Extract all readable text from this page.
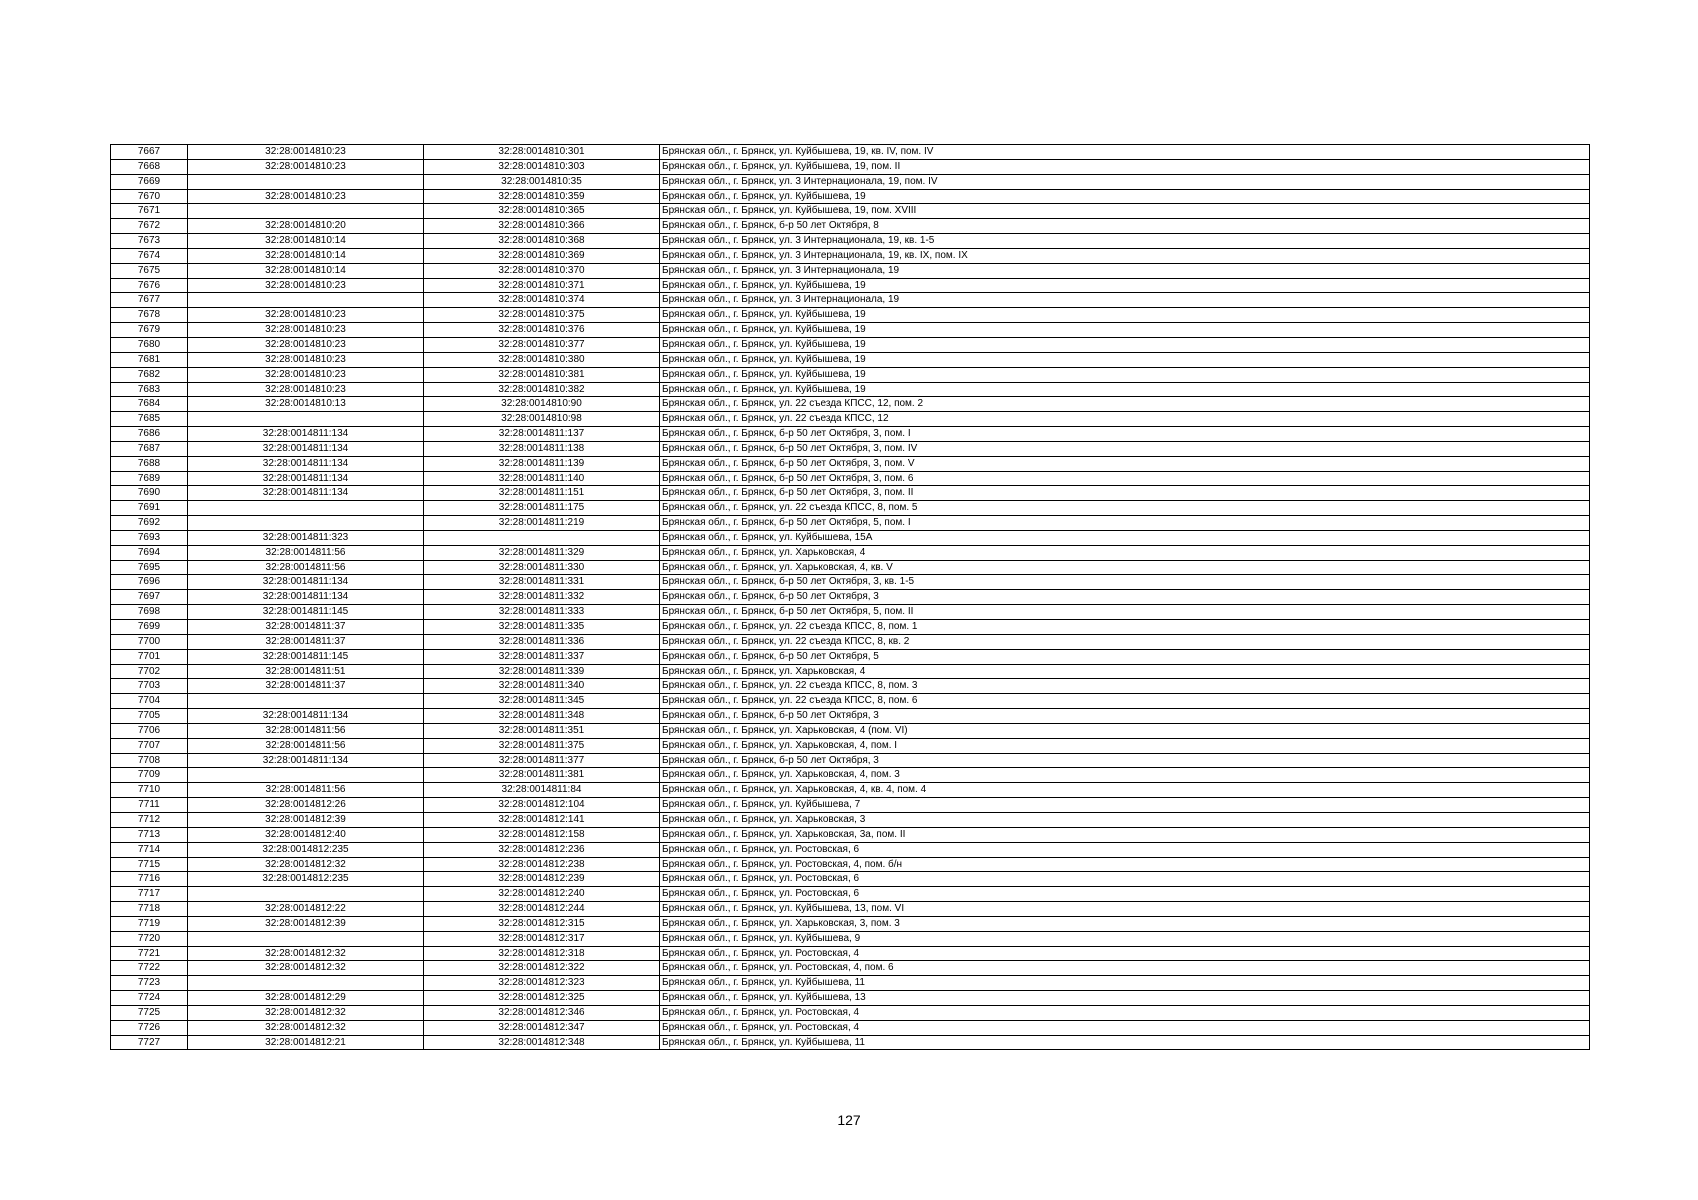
7667	32:28:0014810:23	32:28:0014810:301	Брянская обл., г. Брянск, ул. Куйбышева, 19, кв. IV, пом. IV
7668	32:28:0014810:23	32:28:0014810:303	Брянская обл., г. Брянск, ул. Куйбышева, 19, пом. II
7669		32:28:0014810:35	Брянская обл., г. Брянск, ул. 3 Интернационала, 19, пом. IV
7670	32:28:0014810:23	32:28:0014810:359	Брянская обл., г. Брянск, ул. Куйбышева, 19
7671		32:28:0014810:365	Брянская обл., г. Брянск, ул. Куйбышева, 19, пом. XVIII
7672	32:28:0014810:20	32:28:0014810:366	Брянская обл., г. Брянск, б-р 50 лет Октября, 8
7673	32:28:0014810:14	32:28:0014810:368	Брянская обл., г. Брянск, ул. 3 Интернационала, 19, кв. 1-5
7674	32:28:0014810:14	32:28:0014810:369	Брянская обл., г. Брянск, ул. 3 Интернационала, 19, кв. IX, пом. IX
7675	32:28:0014810:14	32:28:0014810:370	Брянская обл., г. Брянск, ул. 3 Интернационала, 19
7676	32:28:0014810:23	32:28:0014810:371	Брянская обл., г. Брянск, ул. Куйбышева, 19
7677		32:28:0014810:374	Брянская обл., г. Брянск, ул. 3 Интернационала, 19
7678	32:28:0014810:23	32:28:0014810:375	Брянская обл., г. Брянск, ул. Куйбышева, 19
7679	32:28:0014810:23	32:28:0014810:376	Брянская обл., г. Брянск, ул. Куйбышева, 19
7680	32:28:0014810:23	32:28:0014810:377	Брянская обл., г. Брянск, ул. Куйбышева, 19
7681	32:28:0014810:23	32:28:0014810:380	Брянская обл., г. Брянск, ул. Куйбышева, 19
7682	32:28:0014810:23	32:28:0014810:381	Брянская обл., г. Брянск, ул. Куйбышева, 19
7683	32:28:0014810:23	32:28:0014810:382	Брянская обл., г. Брянск, ул. Куйбышева, 19
7684	32:28:0014810:13	32:28:0014810:90	Брянская обл., г. Брянск, ул. 22 съезда КПСС, 12, пом. 2
7685		32:28:0014810:98	Брянская обл., г. Брянск, ул. 22 съезда КПСС, 12
7686	32:28:0014811:134	32:28:0014811:137	Брянская обл., г. Брянск, б-р 50 лет Октября, 3, пом. I
7687	32:28:0014811:134	32:28:0014811:138	Брянская обл., г. Брянск, б-р 50 лет Октября, 3, пом. IV
7688	32:28:0014811:134	32:28:0014811:139	Брянская обл., г. Брянск, б-р 50 лет Октября, 3, пом. V
7689	32:28:0014811:134	32:28:0014811:140	Брянская обл., г. Брянск, б-р 50 лет Октября, 3, пом. 6
7690	32:28:0014811:134	32:28:0014811:151	Брянская обл., г. Брянск, б-р 50 лет Октября, 3, пом. II
7691		32:28:0014811:175	Брянская обл., г. Брянск, ул. 22 съезда КПСС, 8, пом. 5
7692		32:28:0014811:219	Брянская обл., г. Брянск, б-р 50 лет Октября, 5, пом. I
7693	32:28:0014811:323		Брянская обл., г. Брянск, ул. Куйбышева, 15А
7694	32:28:0014811:56	32:28:0014811:329	Брянская обл., г. Брянск, ул. Харьковская, 4
7695	32:28:0014811:56	32:28:0014811:330	Брянская обл., г. Брянск, ул. Харьковская, 4, кв. V
7696	32:28:0014811:134	32:28:0014811:331	Брянская обл., г. Брянск, б-р 50 лет Октября, 3, кв. 1-5
7697	32:28:0014811:134	32:28:0014811:332	Брянская обл., г. Брянск, б-р 50 лет Октября, 3
7698	32:28:0014811:145	32:28:0014811:333	Брянская обл., г. Брянск, б-р 50 лет Октября, 5, пом. II
7699	32:28:0014811:37	32:28:0014811:335	Брянская обл., г. Брянск, ул. 22 съезда КПСС, 8, пом. 1
7700	32:28:0014811:37	32:28:0014811:336	Брянская обл., г. Брянск, ул. 22 съезда КПСС, 8, кв. 2
7701	32:28:0014811:145	32:28:0014811:337	Брянская обл., г. Брянск, б-р 50 лет Октября, 5
7702	32:28:0014811:51	32:28:0014811:339	Брянская обл., г. Брянск, ул. Харьковская, 4
7703	32:28:0014811:37	32:28:0014811:340	Брянская обл., г. Брянск, ул. 22 съезда КПСС, 8, пом. 3
7704		32:28:0014811:345	Брянская обл., г. Брянск, ул. 22 съезда КПСС, 8, пом. 6
7705	32:28:0014811:134	32:28:0014811:348	Брянская обл., г. Брянск, б-р 50 лет Октября, 3
7706	32:28:0014811:56	32:28:0014811:351	Брянская обл., г. Брянск, ул. Харьковская, 4 (пом. VI)
7707	32:28:0014811:56	32:28:0014811:375	Брянская обл., г. Брянск, ул. Харьковская, 4, пом. I
7708	32:28:0014811:134	32:28:0014811:377	Брянская обл., г. Брянск, б-р 50 лет Октября, 3
7709		32:28:0014811:381	Брянская обл., г. Брянск, ул. Харьковская, 4, пом. 3
7710	32:28:0014811:56	32:28:0014811:84	Брянская обл., г. Брянск, ул. Харьковская, 4, кв. 4, пом. 4
7711	32:28:0014812:26	32:28:0014812:104	Брянская обл., г. Брянск, ул. Куйбышева, 7
7712	32:28:0014812:39	32:28:0014812:141	Брянская обл., г. Брянск, ул. Харьковская, 3
7713	32:28:0014812:40	32:28:0014812:158	Брянская обл., г. Брянск, ул. Харьковская, 3а, пом. II
7714	32:28:0014812:235	32:28:0014812:236	Брянская обл., г. Брянск, ул. Ростовская, 6
7715	32:28:0014812:32	32:28:0014812:238	Брянская обл., г. Брянск, ул. Ростовская, 4, пом. б/н
7716	32:28:0014812:235	32:28:0014812:239	Брянская обл., г. Брянск, ул. Ростовская, 6
7717		32:28:0014812:240	Брянская обл., г. Брянск, ул. Ростовская, 6
7718	32:28:0014812:22	32:28:0014812:244	Брянская обл., г. Брянск, ул. Куйбышева, 13, пом. VI
7719	32:28:0014812:39	32:28:0014812:315	Брянская обл., г. Брянск, ул. Харьковская, 3, пом. 3
7720		32:28:0014812:317	Брянская обл., г. Брянск, ул. Куйбышева, 9
7721	32:28:0014812:32	32:28:0014812:318	Брянская обл., г. Брянск, ул. Ростовская, 4
7722	32:28:0014812:32	32:28:0014812:322	Брянская обл., г. Брянск, ул. Ростовская, 4, пом. 6
7723		32:28:0014812:323	Брянская обл., г. Брянск, ул. Куйбышева, 11
7724	32:28:0014812:29	32:28:0014812:325	Брянская обл., г. Брянск, ул. Куйбышева, 13
7725	32:28:0014812:32	32:28:0014812:346	Брянская обл., г. Брянск, ул. Ростовская, 4
7726	32:28:0014812:32	32:28:0014812:347	Брянская обл., г. Брянск, ул. Ростовская, 4
7727	32:28:0014812:21	32:28:0014812:348	Брянская обл., г. Брянск, ул. Куйбышева, 11
127
